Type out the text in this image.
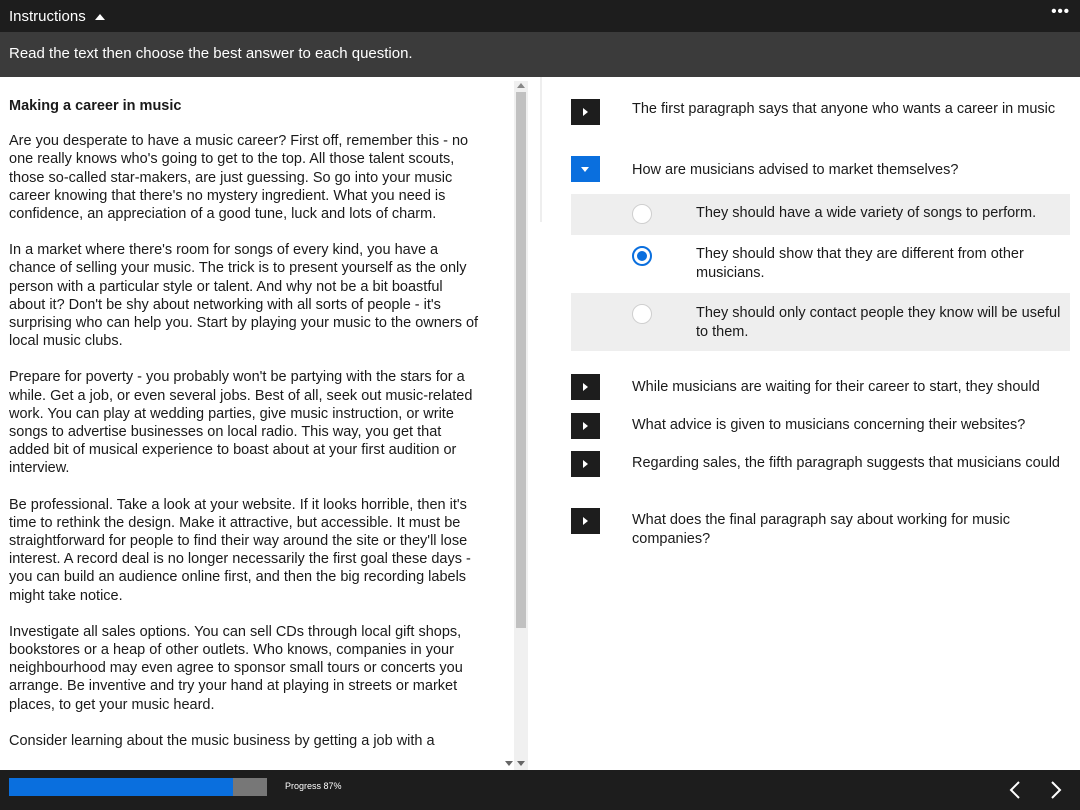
Instructions	•••
Read the text then choose the best answer to each question.
Making a career in music

Are you desperate to have a music career? First off, remember this - no one really knows who's going to get to the top. All those talent scouts, those so-called star-makers, are just guessing. So go into your music career knowing that there's no mystery ingredient. What you need is confidence, an appreciation of a good tune, luck and lots of charm.

In a market where there's room for songs of every kind, you have a chance of selling your music. The trick is to present yourself as the only person with a particular style or talent. And why not be a bit boastful about it? Don't be shy about networking with all sorts of people - it's surprising who can help you. Start by playing your music to the owners of local music clubs.

Prepare for poverty - you probably won't be partying with the stars for a while. Get a job, or even several jobs. Best of all, seek out music-related work. You can play at wedding parties, give music instruction, or write songs to advertise businesses on local radio. This way, you get that added bit of musical experience to boast about at your first audition or interview.

Be professional. Take a look at your website. If it looks horrible, then it's time to rethink the design. Make it attractive, but accessible. It must be straightforward for people to find their way around the site or they'll lose interest. A record deal is no longer necessarily the first goal these days - you can build an audience online first, and then the big recording labels might take notice.

Investigate all sales options. You can sell CDs through local gift shops, bookstores or a heap of other outlets. Who knows, companies in your neighbourhood may even agree to sponsor small tours or concerts you arrange. Be inventive and try your hand at playing in streets or market places, to get your music heard.

Consider learning about the music business by getting a job with a

The first paragraph says that anyone who wants a career in music
How are musicians advised to market themselves?
They should have a wide variety of songs to perform.
They should show that they are different from other musicians.
They should only contact people they know will be useful to them.
While musicians are waiting for their career to start, they should
What advice is given to musicians concerning their websites?
Regarding sales, the fifth paragraph suggests that musicians could
What does the final paragraph say about working for music companies?
Progress 87%
